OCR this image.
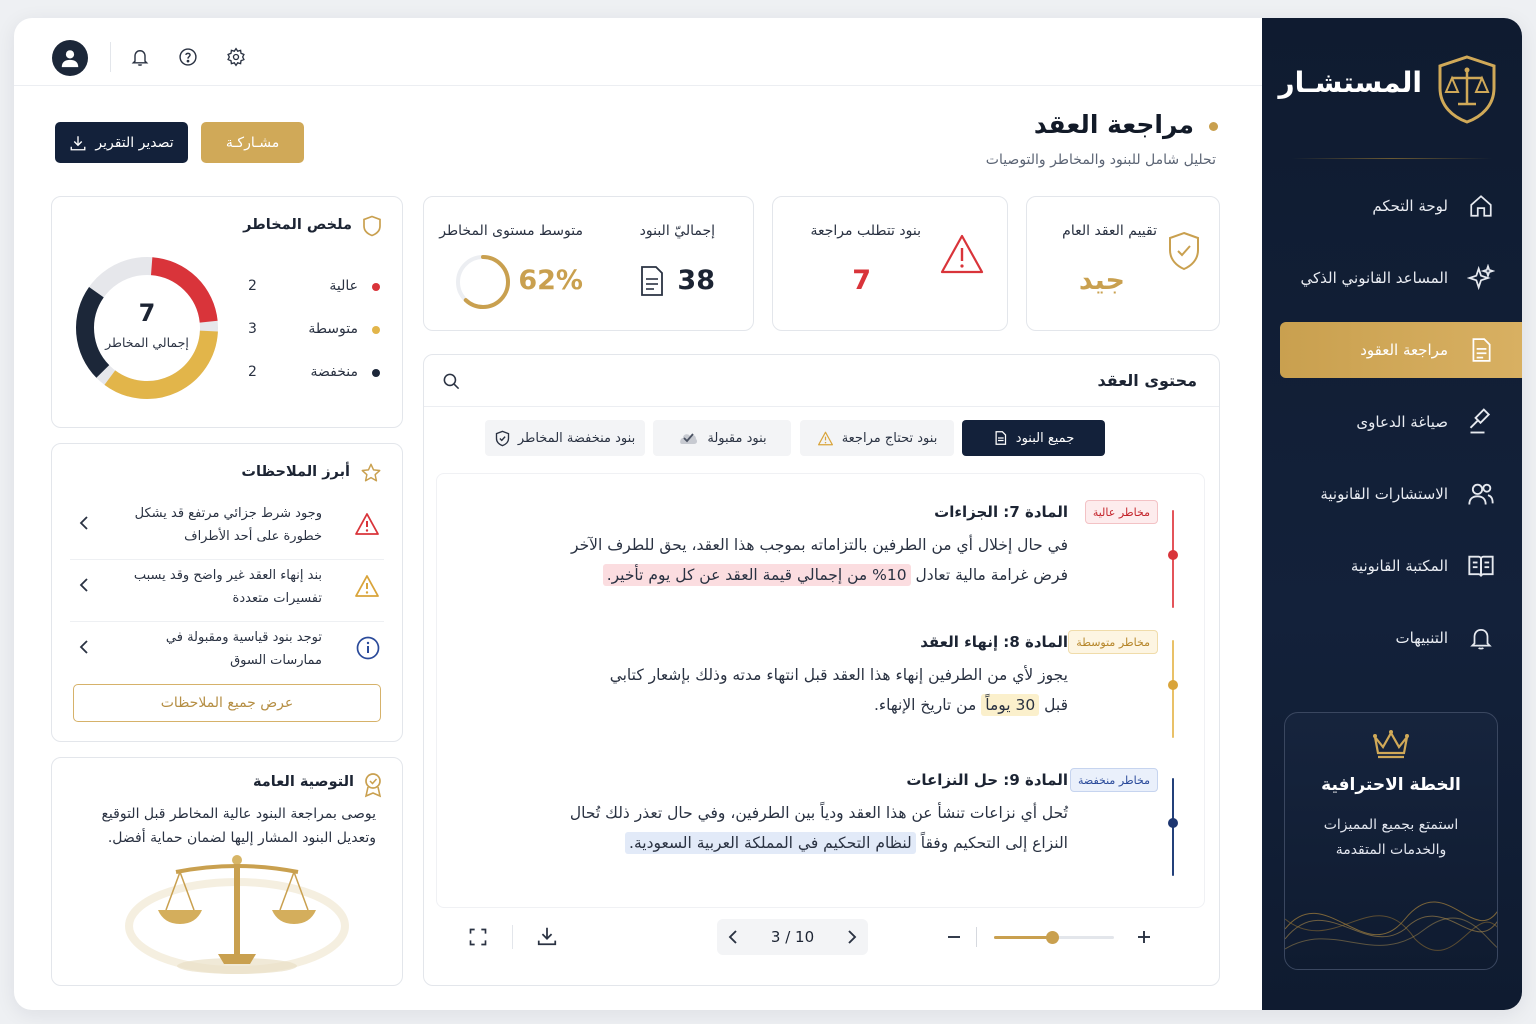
المستشـار
لوحة التحكم
المساعد القانوني الذكي
مراجعة العقود
صياغة الدعاوى
الاستشارات القانونية
المكتبة القانونية
التنبيهات
الخطة الاحترافية
استمتع بجميع المميزات
والخدمات المتقدمة
مراجعة العقد
تحليل شامل للبنود والمخاطر والتوصيات
تصدير التقرير	مشـاركـة
تقييم العقد العام
جيد
بنود تتطلب مراجعة
7
إجماليّ البنود
38
متوسط مستوى المخاطر
62%
ملخص المخاطر
7
إجمالي المخاطر
عالية
2
متوسطة
3
منخفضة
2
أبرز الملاحظات
وجود شرط جزائي مرتفع قد يشكل
خطورة على أحد الأطراف
بند إنهاء العقد غير واضح وقد يسبب
تفسيرات متعددة
توجد بنود قياسية ومقبولة في
ممارسات السوق
عرض جميع الملاحظات
التوصية العامة
يوصى بمراجعة البنود عالية المخاطر قبل التوقيع
وتعديل البنود المشار إليها لضمان حماية أفضل.
محتوى العقد
جميع البنود
بنود تحتاج مراجعة
بنود مقبولة
بنود منخفضة المخاطر
مخاطر عالية
المادة 7: الجزاءات
في حال إخلال أي من الطرفين بالتزاماته بموجب هذا العقد، يحق للطرف الآخر
فرض غرامة مالية تعادل 10% من إجمالي قيمة العقد عن كل يوم تأخير.
مخاطر متوسطة
المادة 8: إنهاء العقد
يجوز لأي من الطرفين إنهاء هذا العقد قبل انتهاء مدته وذلك بإشعار كتابي
قبل 30 يوماً من تاريخ الإنهاء.
مخاطر منخفضة
المادة 9: حل النزاعات
تُحل أي نزاعات تنشأ عن هذا العقد ودياً بين الطرفين، وفي حال تعذر ذلك تُحال
النزاع إلى التحكيم وفقاً لنظام التحكيم في المملكة العربية السعودية.
3 / 10
